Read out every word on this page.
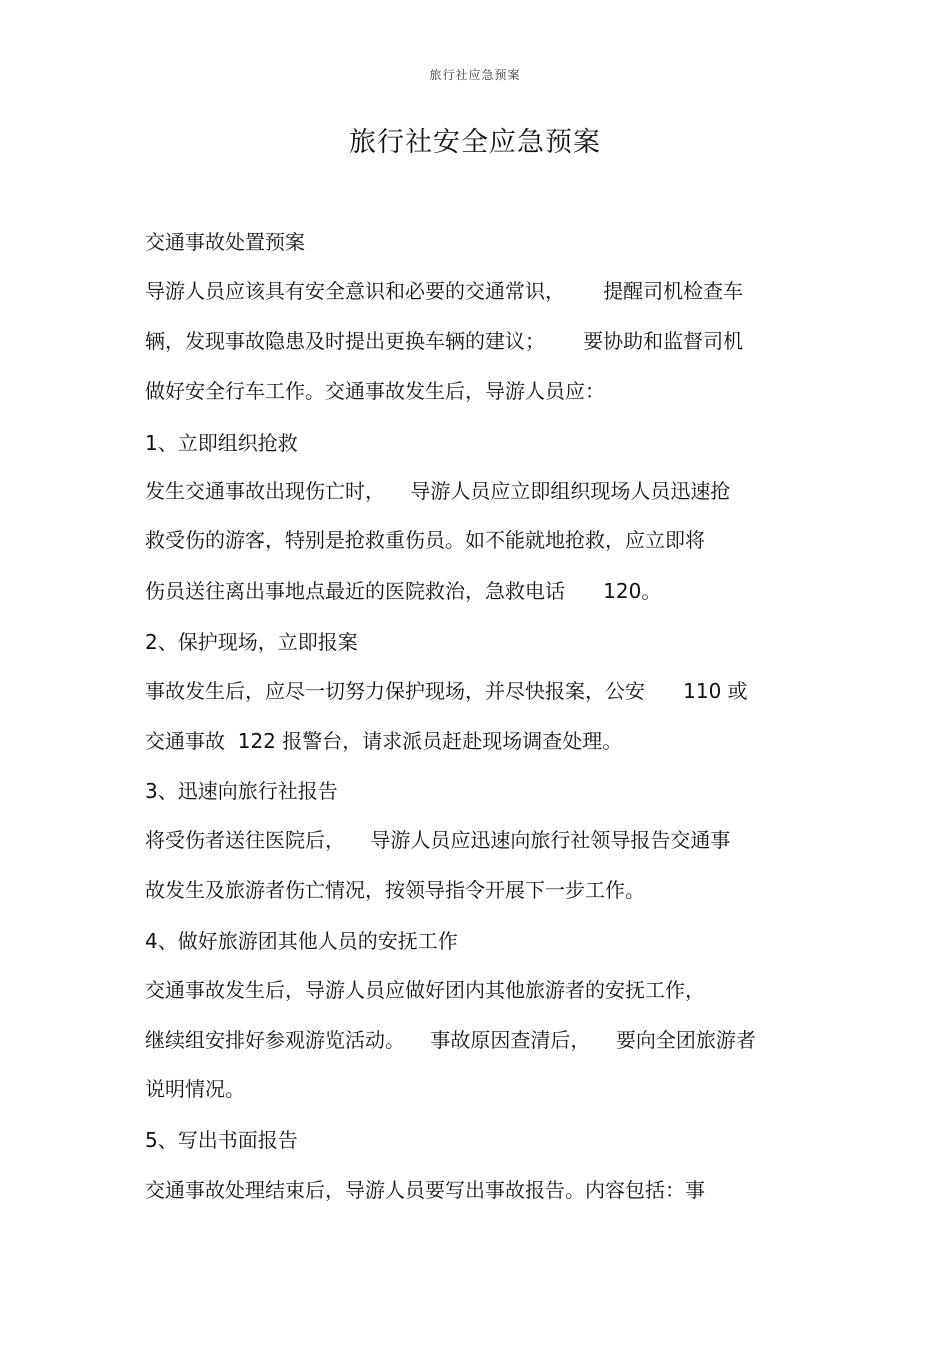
旅行社应急预案
旅行社安全应急预案
交通事故处置预案
导游人员应该具有安全意识和必要的交通常识，      提醒司机检查车
辆，发现事故隐患及时提出更换车辆的建议；      要协助和监督司机
做好安全行车工作。交通事故发生后，导游人员应：
1、立即组织抢救
发生交通事故出现伤亡时，    导游人员应立即组织现场人员迅速抢
救受伤的游客，特别是抢救重伤员。如不能就地抢救，应立即将
伤员送往离出事地点最近的医院救治，急救电话      120。
2、保护现场，立即报案
事故发生后，应尽一切努力保护现场，并尽快报案，公安      110 或
交通事故  122 报警台，请求派员赶赴现场调查处理。
3、迅速向旅行社报告
将受伤者送往医院后，    导游人员应迅速向旅行社领导报告交通事
故发生及旅游者伤亡情况，按领导指令开展下一步工作。
4、做好旅游团其他人员的安抚工作
交通事故发生后，导游人员应做好团内其他旅游者的安抚工作，
继续组安排好参观游览活动。    事故原因查清后，    要向全团旅游者
说明情况。
5、写出书面报告
交通事故处理结束后，导游人员要写出事故报告。内容包括：事
